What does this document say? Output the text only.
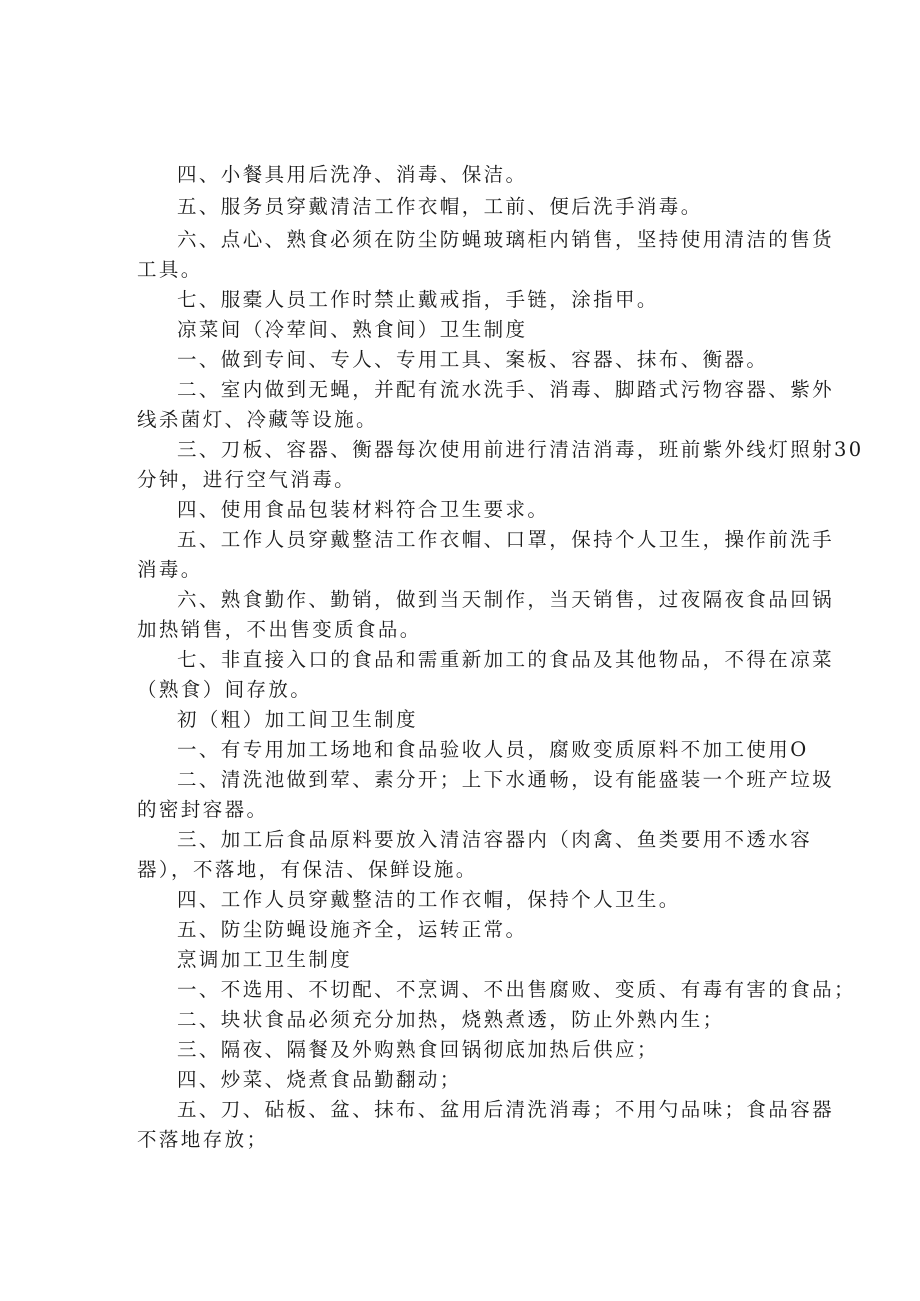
四、小餐具用后洗净、消毒、保洁。
五、服务员穿戴清洁工作衣帽，工前、便后洗手消毒。
六、点心、熟食必须在防尘防蝇玻璃柜内销售，坚持使用清洁的售货
工具。
七、服橐人员工作时禁止戴戒指，手链，涂指甲。
凉菜间（冷荤间、熟食间）卫生制度
一、做到专间、专人、专用工具、案板、容器、抹布、衡器。
二、室内做到无蝇，并配有流水洗手、消毒、脚踏式污物容器、紫外
线杀菌灯、冷藏等设施。
三、刀板、容器、衡器每次使用前进行清洁消毒，班前紫外线灯照射30
分钟，进行空气消毒。
四、使用食品包装材料符合卫生要求。
五、工作人员穿戴整洁工作衣帽、口罩，保持个人卫生，操作前洗手
消毒。
六、熟食勤作、勤销，做到当天制作，当天销售，过夜隔夜食品回锅
加热销售，不出售变质食品。
七、非直接入口的食品和需重新加工的食品及其他物品，不得在凉菜
（熟食）间存放。
初（粗）加工间卫生制度
一、有专用加工场地和食品验收人员，腐败变质原料不加工使用O
二、清洗池做到荤、素分开；上下水通畅，设有能盛装一个班产垃圾
的密封容器。
三、加工后食品原料要放入清洁容器内（肉禽、鱼类要用不透水容
器），不落地，有保洁、保鲜设施。
四、工作人员穿戴整洁的工作衣帽，保持个人卫生。
五、防尘防蝇设施齐全，运转正常。
烹调加工卫生制度
一、不选用、不切配、不烹调、不出售腐败、变质、有毒有害的食品；
二、块状食品必须充分加热，烧熟煮透，防止外熟内生；
三、隔夜、隔餐及外购熟食回锅彻底加热后供应；
四、炒菜、烧煮食品勤翻动；
五、刀、砧板、盆、抹布、盆用后清洗消毒；不用勺品味；食品容器
不落地存放；
